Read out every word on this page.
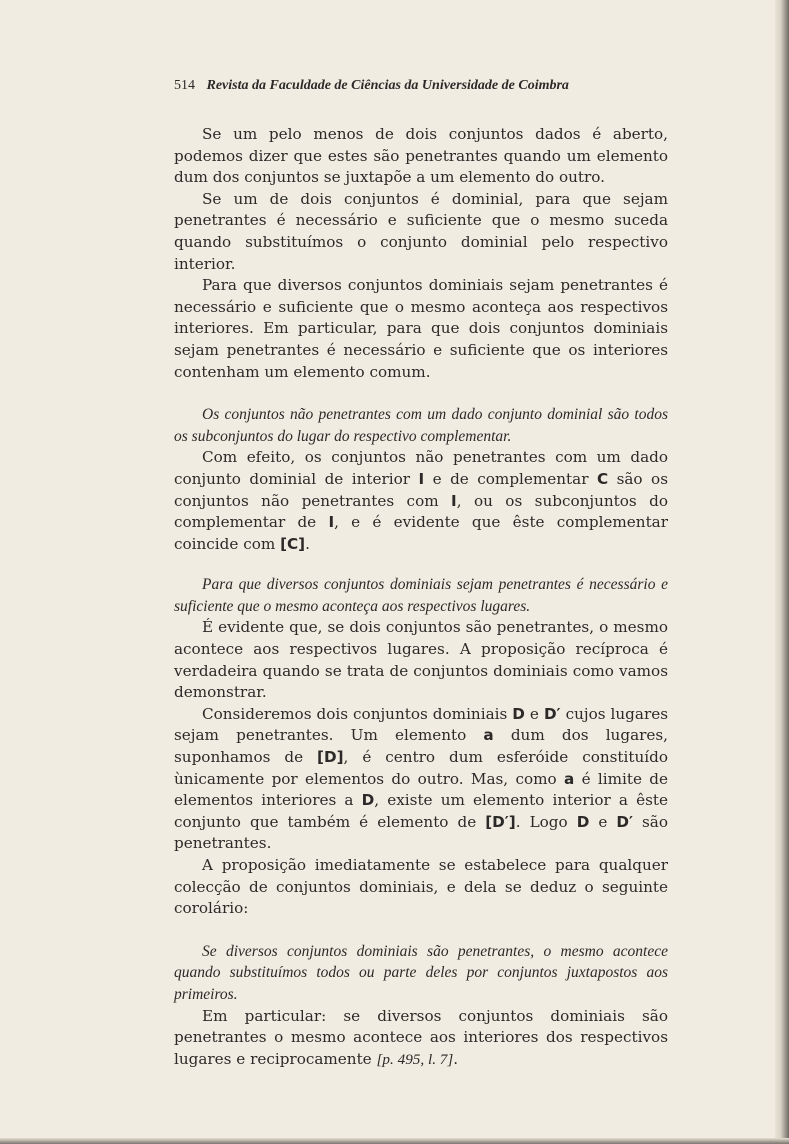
514 Revista da Faculdade de Ciências da Universidade de Coimbra

Se um pelo menos de dois conjuntos dados é aberto, podemos dizer que estes são penetrantes quando um elemento dum dos conjuntos se juxtapõe a um elemento do outro.

Se um de dois conjuntos é dominial, para que sejam penetrantes é necessário e suficiente que o mesmo suceda quando substituímos o conjunto dominial pelo respectivo interior.

Para que diversos conjuntos dominiais sejam penetrantes é necessário e suficiente que o mesmo aconteça aos respectivos interiores. Em particular, para que dois conjuntos dominiais sejam penetrantes é necessário e suficiente que os interiores contenham um elemento comum.

Os conjuntos não penetrantes com um dado conjunto dominial são todos os subconjuntos do lugar do respectivo complementar.

Com efeito, os conjuntos não penetrantes com um dado conjunto dominial de interior I e de complementar C são os conjuntos não penetrantes com I, ou os subconjuntos do complementar de I, e é evidente que êste complementar coincide com [C].

Para que diversos conjuntos dominiais sejam penetrantes é necessário e suficiente que o mesmo aconteça aos respectivos lugares.

É evidente que, se dois conjuntos são penetrantes, o mesmo acontece aos respectivos lugares. A proposição recíproca é verdadeira quando se trata de conjuntos dominiais como vamos demonstrar.

Consideremos dois conjuntos dominiais D e D′ cujos lugares sejam penetrantes. Um elemento a dum dos lugares, suponhamos de [D], é centro dum esferóide constituído ùnicamente por elementos do outro. Mas, como a é limite de elementos interiores a D, existe um elemento interior a êste conjunto que também é elemento de [D′]. Logo D e D′ são penetrantes.

A proposição imediatamente se estabelece para qualquer colecção de conjuntos dominiais, e dela se deduz o seguinte corolário:

Se diversos conjuntos dominiais são penetrantes, o mesmo acontece quando substituímos todos ou parte deles por conjuntos juxtapostos aos primeiros.

Em particular: se diversos conjuntos dominiais são penetrantes o mesmo acontece aos interiores dos respectivos lugares e reciprocamente [p. 495, l. 7].
